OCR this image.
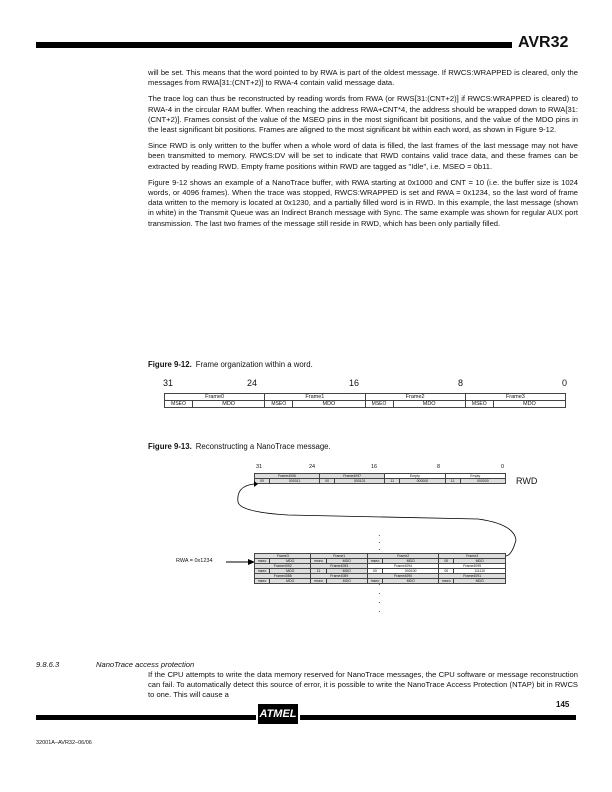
AVR32

will be set. This means that the word pointed to by RWA is part of the oldest message. If RWCS:WRAPPED is cleared, only the messages from RWA[31:(CNT+2)] to RWA-4 contain valid message data.

The trace log can thus be reconstructed by reading words from RWA (or RWS[31:(CNT+2)] if RWCS:WRAPPED is cleared) to RWA-4 in the circular RAM buffer. When reaching the address RWA+CNT*4, the address should be wrapped down to RWA[31:(CNT+2)]. Frames consist of the value of the MSEO pins in the most significant bit positions, and the value of the MDO pins in the least significant bit positions. Frames are aligned to the most significant bit within each word, as shown in Figure 9-12.

Since RWD is only written to the buffer when a whole word of data is filled, the last frames of the last message may not have been transmitted to memory. RWCS:DV will be set to indicate that RWD contains valid trace data, and these frames can be extracted by reading RWD. Empty frame positions within RWD are tagged as "Idle", i.e. MSEO = 0b11.

Figure 9-12 shows an example of a NanoTrace buffer, with RWA starting at 0x1000 and CNT = 10 (i.e. the buffer size is 1024 words, or 4096 frames). When the trace was stopped, RWCS:WRAPPED is set and RWA = 0x1234, so the last word of frame data written to the memory is located at 0x1230, and a partially filled word is in RWD. In this example, the last message (shown in white) in the Transmit Queue was an Indirect Branch message with Sync. The same example was shown for regular AUX port transmission. The last two frames of the message still reside in RWD, which has been only partially filled.

Figure 9-12. Frame organization within a word.
31	24	16	8	0
Frame0		Frame1		Frame2		Frame3	
MSEO	MDO	MSEO	MDO	MSEO	MDO	MSEO	MDO
Figure 9-13. Reconstructing a NanoTrace message.
31	24	16	8	0
Frame4096		Frame4097		Empty		Empty	
00	000011	00	000101	11	000000	11	000000	RWD
·
·
·
RWA = 0x1234
Frame3		Frame1		Frame2		Frame3	
mseo	MDO	mseo	MDO	mseo	MDO	00	MDO
Frame4092		Frame4093		Frame4094		Frame4095	
mseo	MDO	11	MDO	00	000100	00	111110
Frame4088		Frame4089		Frame4090		Frame4091	
mseo	MDO	mseo	MDO	mseo	MDO	mseo	MDO
·
·
·
·
9.8.6.3	NanoTrace access protection
If the CPU attempts to write the data memory reserved for NanoTrace messages, the CPU software or message reconstruction can fail. To automatically detect this source of error, it is possible to write the NanoTrace Access Protection (NTAP) bit in RWCS to one. This will cause a
ATMEL
145
32001A–AVR32–06/06
